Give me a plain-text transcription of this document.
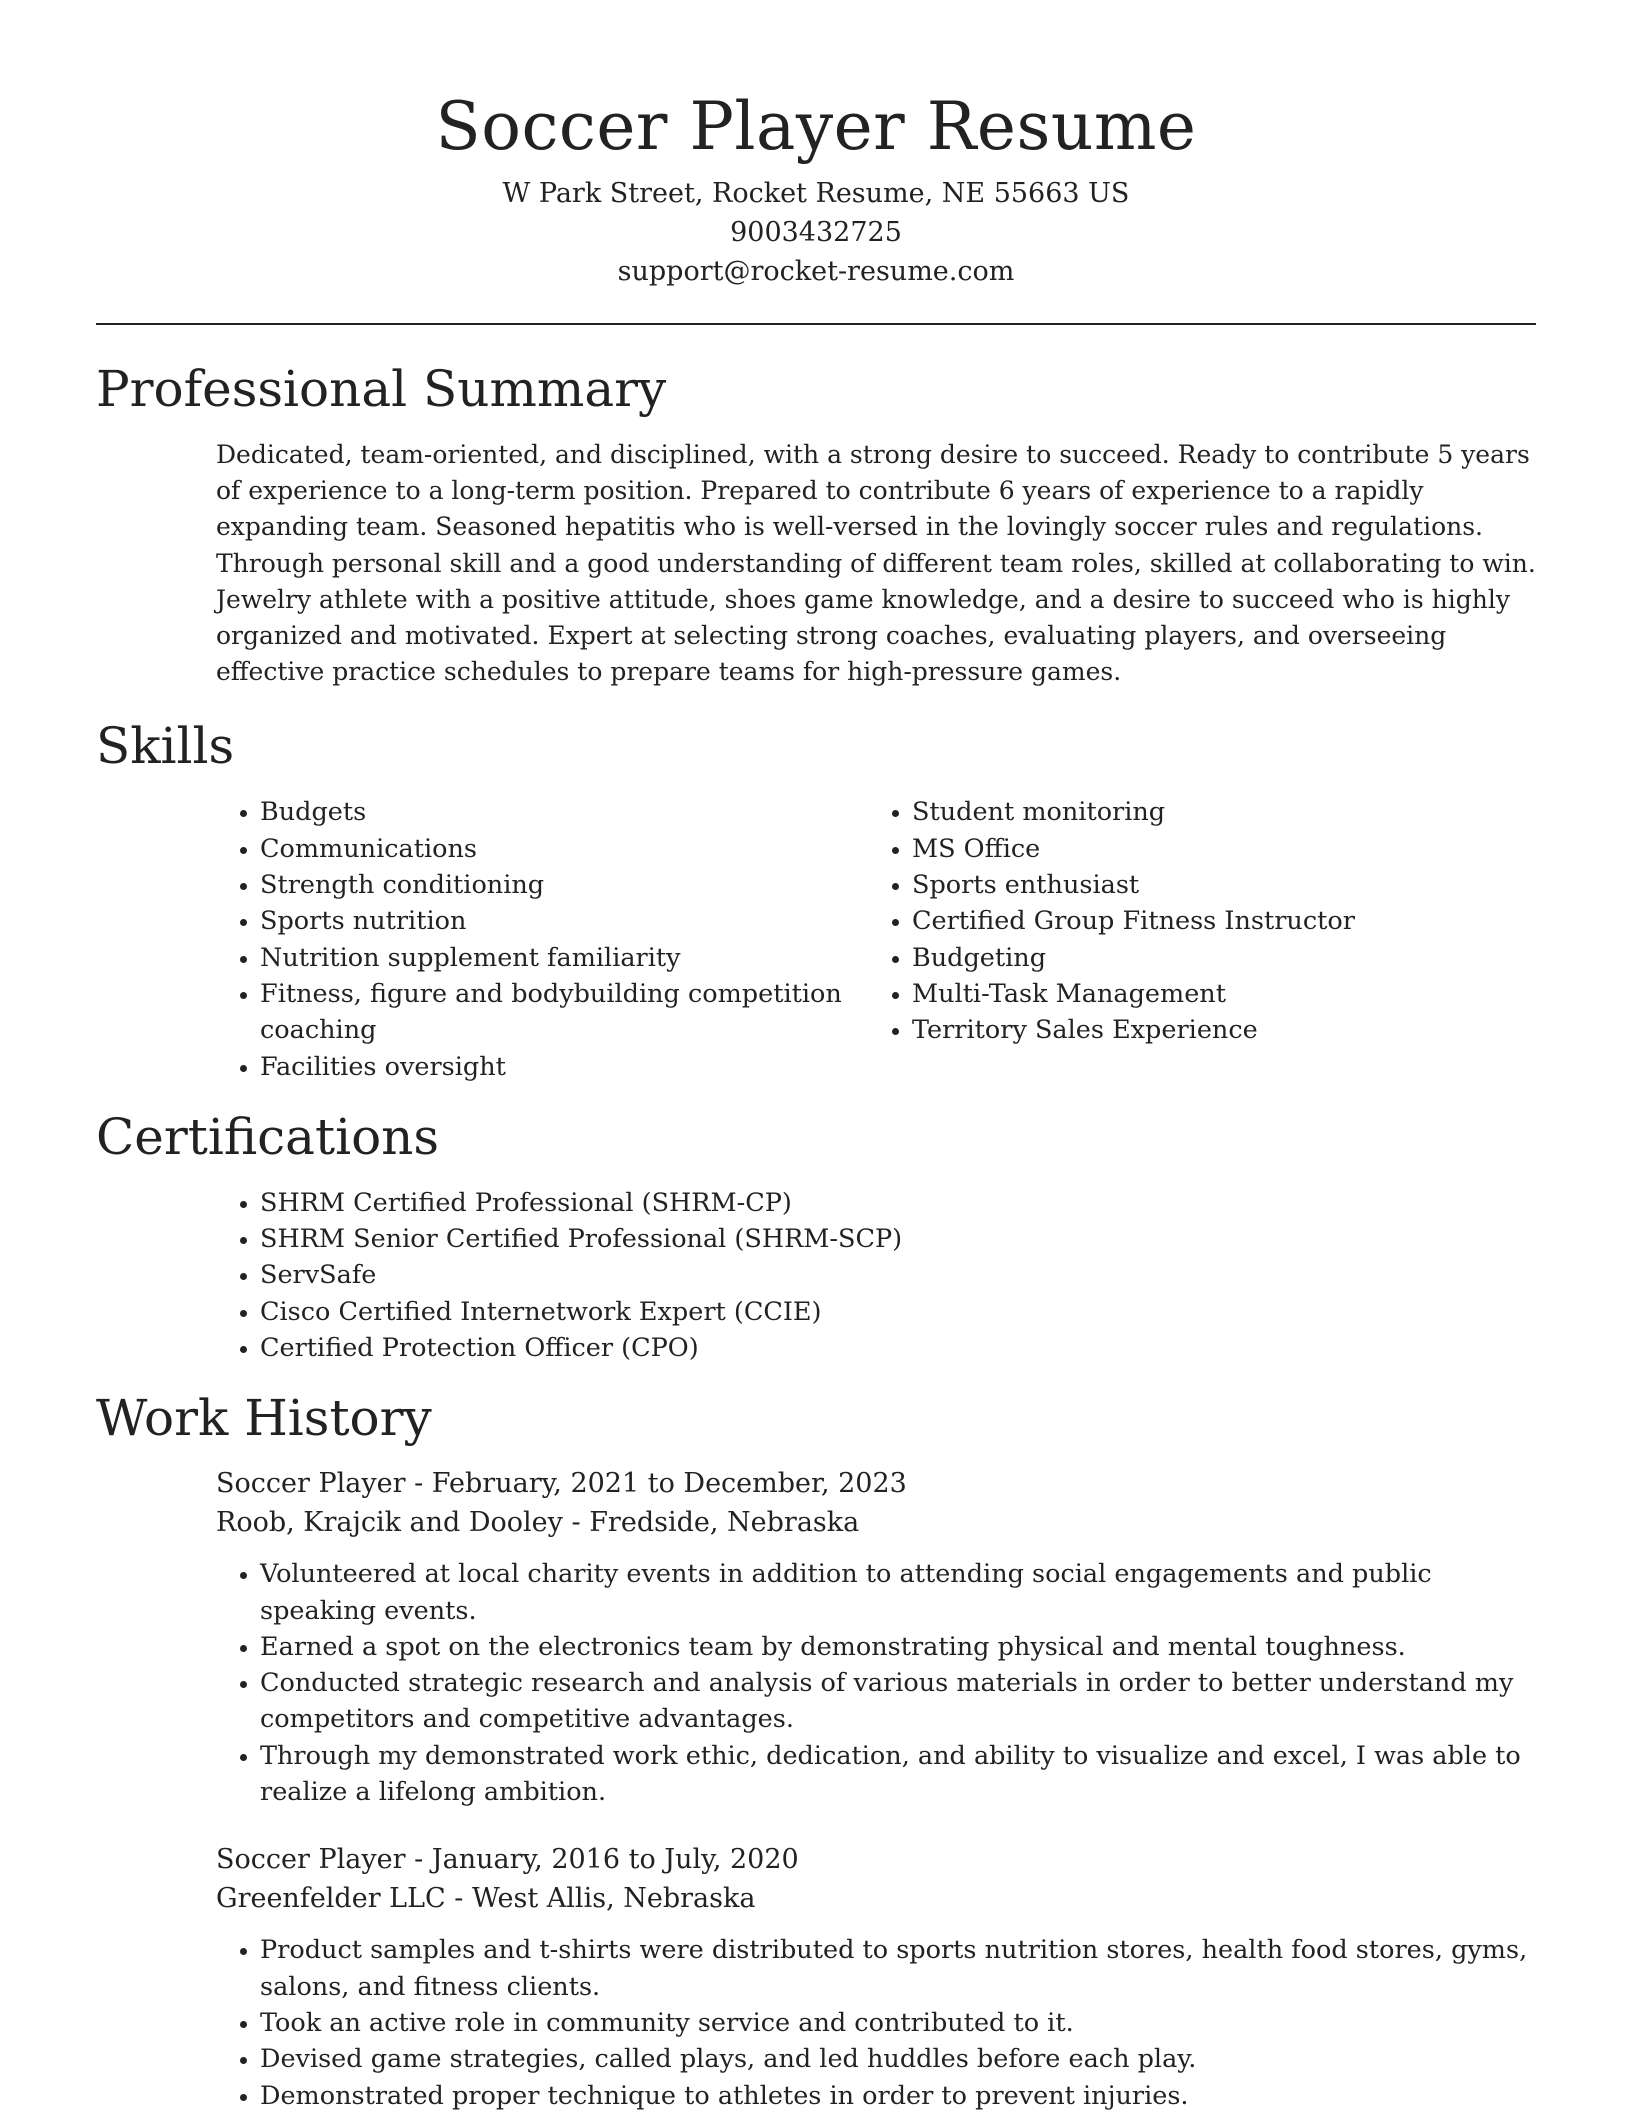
Soccer Player Resume
W Park Street, Rocket Resume, NE 55663 US
9003432725
support@rocket-resume.com
Professional Summary

Dedicated, team-oriented, and disciplined, with a strong desire to succeed. Ready to contribute 5 years of experience to a long-term position. Prepared to contribute 6 years of experience to a rapidly expanding team. Seasoned hepatitis who is well-versed in the lovingly soccer rules and regulations. Through personal skill and a good understanding of different team roles, skilled at collaborating to win. Jewelry athlete with a positive attitude, shoes game knowledge, and a desire to succeed who is highly organized and motivated. Expert at selecting strong coaches, evaluating players, and overseeing effective practice schedules to prepare teams for high-pressure games.

Skills
• Budgets
• Communications
• Strength conditioning
• Sports nutrition
• Nutrition supplement familiarity
• Fitness, figure and bodybuilding competition coaching
• Facilities oversight
• Student monitoring
• MS Office
• Sports enthusiast
• Certified Group Fitness Instructor
• Budgeting
• Multi-Task Management
• Territory Sales Experience
Certifications
• SHRM Certified Professional (SHRM-CP)
• SHRM Senior Certified Professional (SHRM-SCP)
• ServSafe
• Cisco Certified Internetwork Expert (CCIE)
• Certified Protection Officer (CPO)
Work History
Soccer Player - February, 2021 to December, 2023
Roob, Krajcik and Dooley - Fredside, Nebraska
• Volunteered at local charity events in addition to attending social engagements and public speaking events.
• Earned a spot on the electronics team by demonstrating physical and mental toughness.
• Conducted strategic research and analysis of various materials in order to better understand my competitors and competitive advantages.
• Through my demonstrated work ethic, dedication, and ability to visualize and excel, I was able to realize a lifelong ambition.
Soccer Player - January, 2016 to July, 2020
Greenfelder LLC - West Allis, Nebraska
• Product samples and t-shirts were distributed to sports nutrition stores, health food stores, gyms, salons, and fitness clients.
• Took an active role in community service and contributed to it.
• Devised game strategies, called plays, and led huddles before each play.
• Demonstrated proper technique to athletes in order to prevent injuries.
